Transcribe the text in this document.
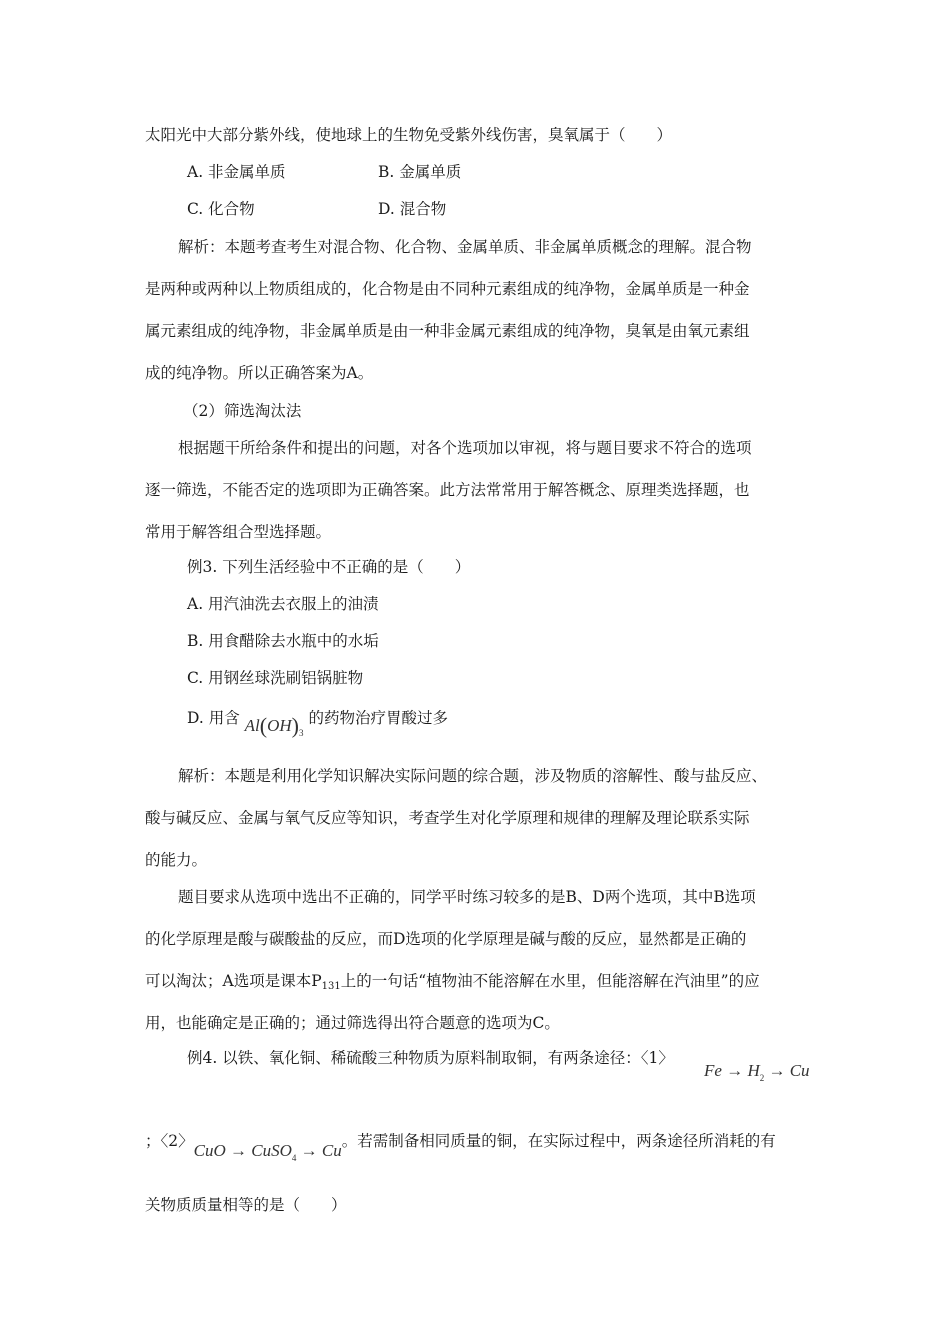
太阳光中大部分紫外线，使地球上的生物免受紫外线伤害，臭氧属于（　　）
A. 非金属单质	B. 金属单质
C. 化合物	D. 混合物
解析：本题考查考生对混合物、化合物、金属单质、非金属单质概念的理解。混合物
是两种或两种以上物质组成的，化合物是由不同种元素组成的纯净物，金属单质是一种金
属元素组成的纯净物，非金属单质是由一种非金属元素组成的纯净物，臭氧是由氧元素组
成的纯净物。所以正确答案为A。
（2）筛选淘汰法
根据题干所给条件和提出的问题，对各个选项加以审视，将与题目要求不符合的选项
逐一筛选，不能否定的选项即为正确答案。此方法常常用于解答概念、原理类选择题，也
常用于解答组合型选择题。
例3. 下列生活经验中不正确的是（　　）
A. 用汽油洗去衣服上的油渍
B. 用食醋除去水瓶中的水垢
C. 用钢丝球洗刷铝锅脏物
D. 用含 $Al(OH)_3$ 的药物治疗胃酸过多
解析：本题是利用化学知识解决实际问题的综合题，涉及物质的溶解性、酸与盐反应、
酸与碱反应、金属与氧气反应等知识，考查学生对化学原理和规律的理解及理论联系实际
的能力。
题目要求从选项中选出不正确的，同学平时练习较多的是B、D两个选项，其中B选项
的化学原理是酸与碳酸盐的反应，而D选项的化学原理是碱与酸的反应，显然都是正确的
可以淘汰；A选项是课本P131上的一句话“植物油不能溶解在水里，但能溶解在汽油里”的应
用，也能确定是正确的；通过筛选得出符合题意的选项为C。
例4. 以铁、氧化铜、稀硫酸三种物质为原料制取铜，有两条途径：〈1〉
$Fe \to H_2 \to Cu$
；〈2〉CuO → CuSO$_4$ → Cu。若需制备相同质量的铜，在实际过程中，两条途径所消耗的有
关物质质量相等的是（　　）
